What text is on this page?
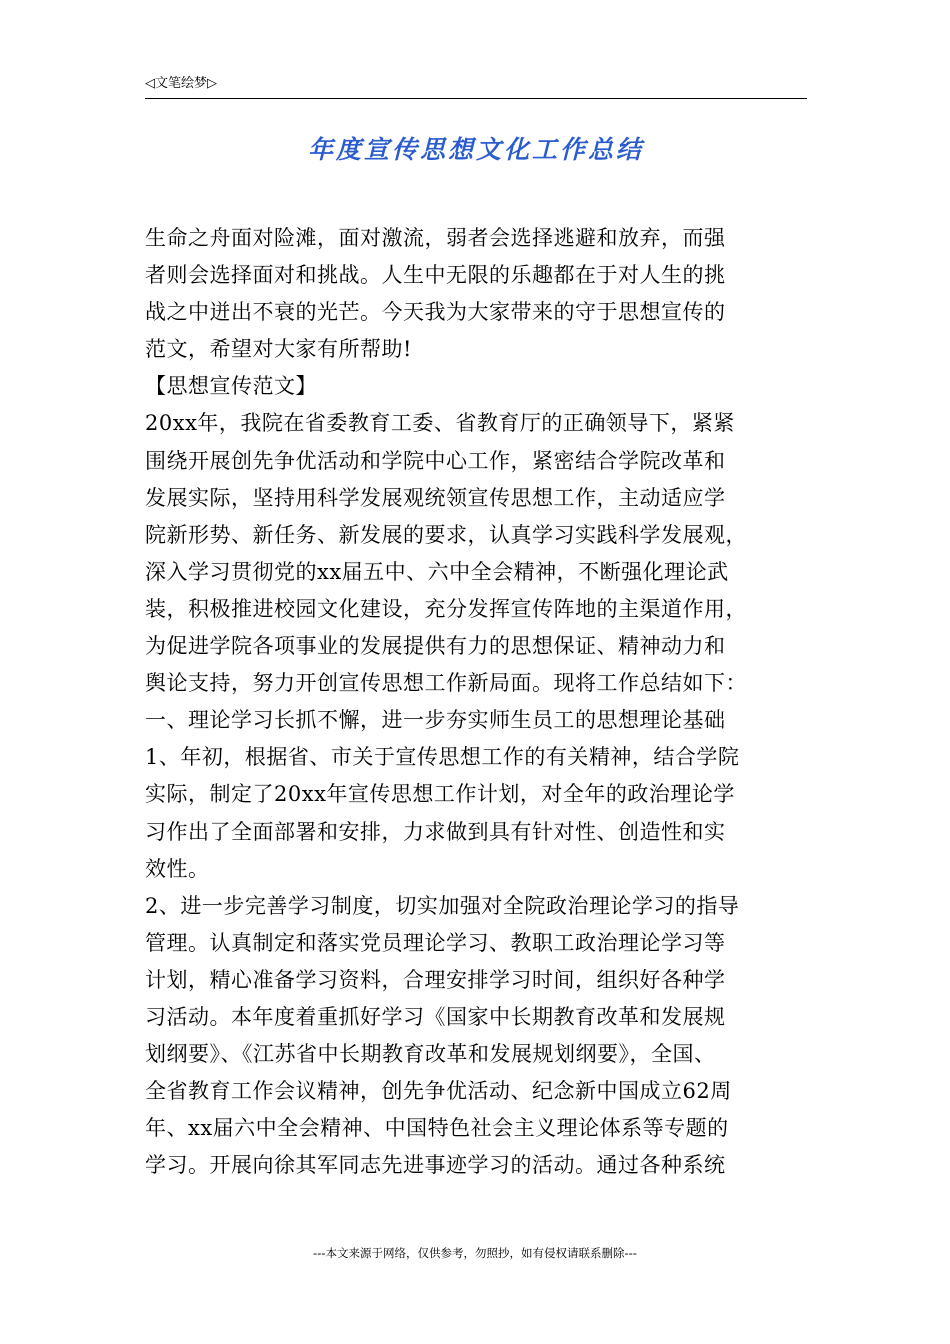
◁文笔绘梦▷
年度宣传思想文化工作总结
生命之舟面对险滩，面对激流，弱者会选择逃避和放弃，而强
者则会选择面对和挑战。人生中无限的乐趣都在于对人生的挑
战之中迸出不衰的光芒。今天我为大家带来的守于思想宣传的
范文，希望对大家有所帮助!
【思想宣传范文】
20xx年，我院在省委教育工委、省教育厅的正确领导下，紧紧
围绕开展创先争优活动和学院中心工作，紧密结合学院改革和
发展实际，坚持用科学发展观统领宣传思想工作，主动适应学
院新形势、新任务、新发展的要求，认真学习实践科学发展观，
深入学习贯彻党的xx届五中、六中全会精神，不断强化理论武
装，积极推进校园文化建设，充分发挥宣传阵地的主渠道作用，
为促进学院各项事业的发展提供有力的思想保证、精神动力和
舆论支持，努力开创宣传思想工作新局面。现将工作总结如下：
一、理论学习长抓不懈，进一步夯实师生员工的思想理论基础
1、年初，根据省、市关于宣传思想工作的有关精神，结合学院
实际，制定了20xx年宣传思想工作计划，对全年的政治理论学
习作出了全面部署和安排，力求做到具有针对性、创造性和实
效性。
2、进一步完善学习制度，切实加强对全院政治理论学习的指导
管理。认真制定和落实党员理论学习、教职工政治理论学习等
计划，精心准备学习资料，合理安排学习时间，组织好各种学
习活动。本年度着重抓好学习《国家中长期教育改革和发展规
划纲要》、《江苏省中长期教育改革和发展规划纲要》，全国、
全省教育工作会议精神，创先争优活动、纪念新中国成立62周
年、xx届六中全会精神、中国特色社会主义理论体系等专题的
学习。开展向徐其军同志先进事迹学习的活动。通过各种系统
---本文来源于网络，仅供参考，勿照抄，如有侵权请联系删除---
